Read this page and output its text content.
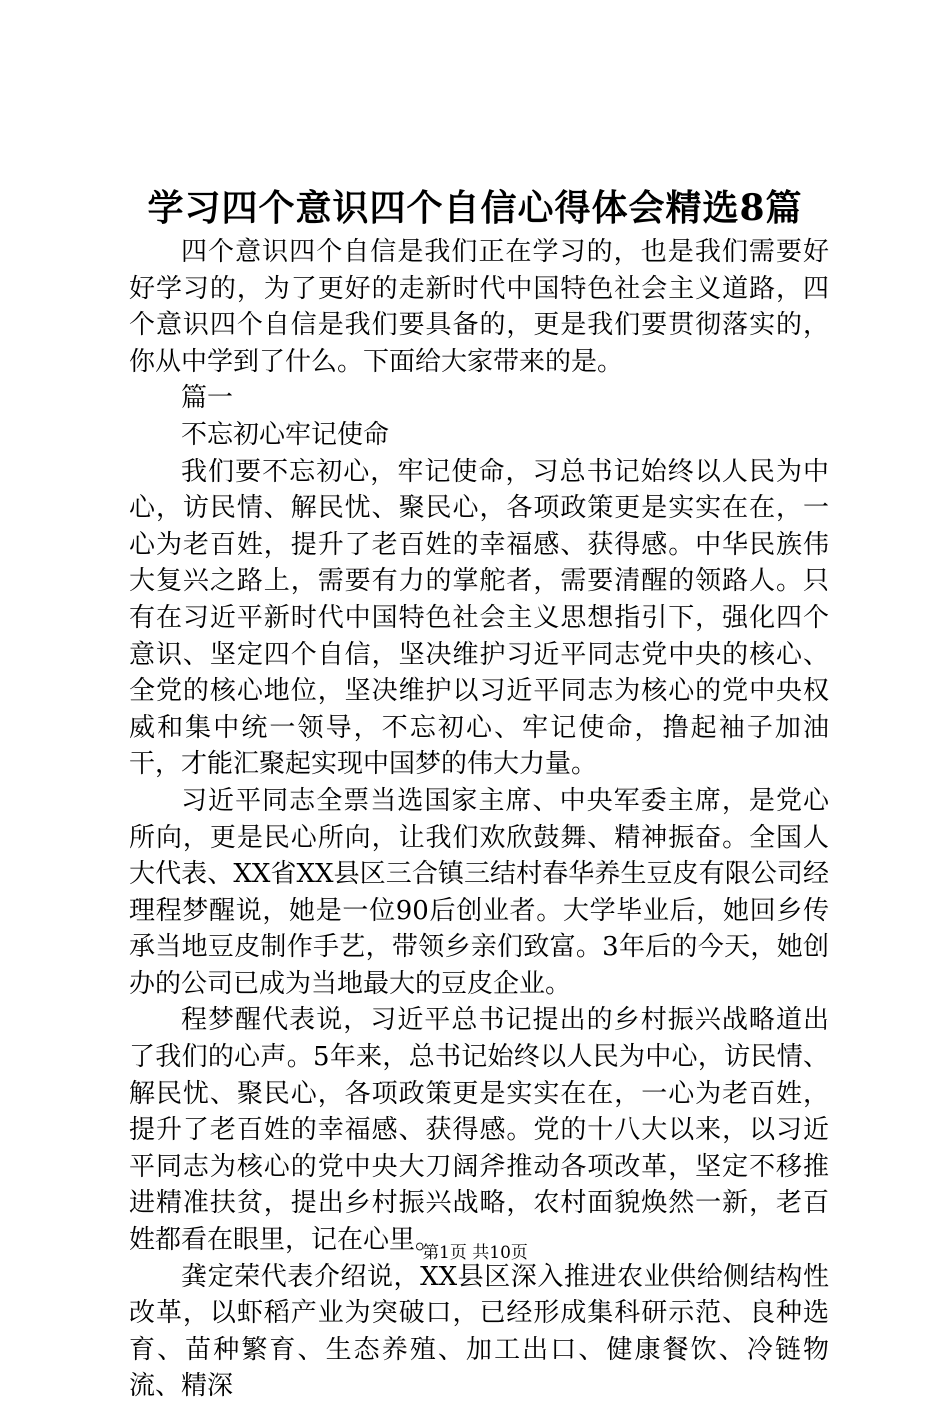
学习四个意识四个自信心得体会精选8篇

四个意识四个自信是我们正在学习的，也是我们需要好好学习的，为了更好的走新时代中国特色社会主义道路，四个意识四个自信是我们要具备的，更是我们要贯彻落实的，你从中学到了什么。下面给大家带来的是。

篇一

不忘初心牢记使命

我们要不忘初心，牢记使命，习总书记始终以人民为中心，访民情、解民忧、聚民心，各项政策更是实实在在，一心为老百姓，提升了老百姓的幸福感、获得感。中华民族伟大复兴之路上，需要有力的掌舵者，需要清醒的领路人。只有在习近平新时代中国特色社会主义思想指引下，强化四个意识、坚定四个自信，坚决维护习近平同志党中央的核心、全党的核心地位，坚决维护以习近平同志为核心的党中央权威和集中统一领导，不忘初心、牢记使命，撸起袖子加油干，才能汇聚起实现中国梦的伟大力量。

习近平同志全票当选国家主席、中央军委主席，是党心所向，更是民心所向，让我们欢欣鼓舞、精神振奋。全国人大代表、XX省XX县区三合镇三结村春华养生豆皮有限公司经理程梦醒说，她是一位90后创业者。大学毕业后，她回乡传承当地豆皮制作手艺，带领乡亲们致富。3年后的今天，她创办的公司已成为当地最大的豆皮企业。

程梦醒代表说，习近平总书记提出的乡村振兴战略道出了我们的心声。5年来，总书记始终以人民为中心，访民情、解民忧、聚民心，各项政策更是实实在在，一心为老百姓，提升了老百姓的幸福感、获得感。党的十八大以来，以习近平同志为核心的党中央大刀阔斧推动各项改革，坚定不移推进精准扶贫，提出乡村振兴战略，农村面貌焕然一新，老百姓都看在眼里，记在心里。

龚定荣代表介绍说，XX县区深入推进农业供给侧结构性改革，以虾稻产业为突破口，已经形成集科研示范、良种选育、苗种繁育、生态养殖、加工出口、健康餐饮、冷链物流、精深

第1页 共10页
